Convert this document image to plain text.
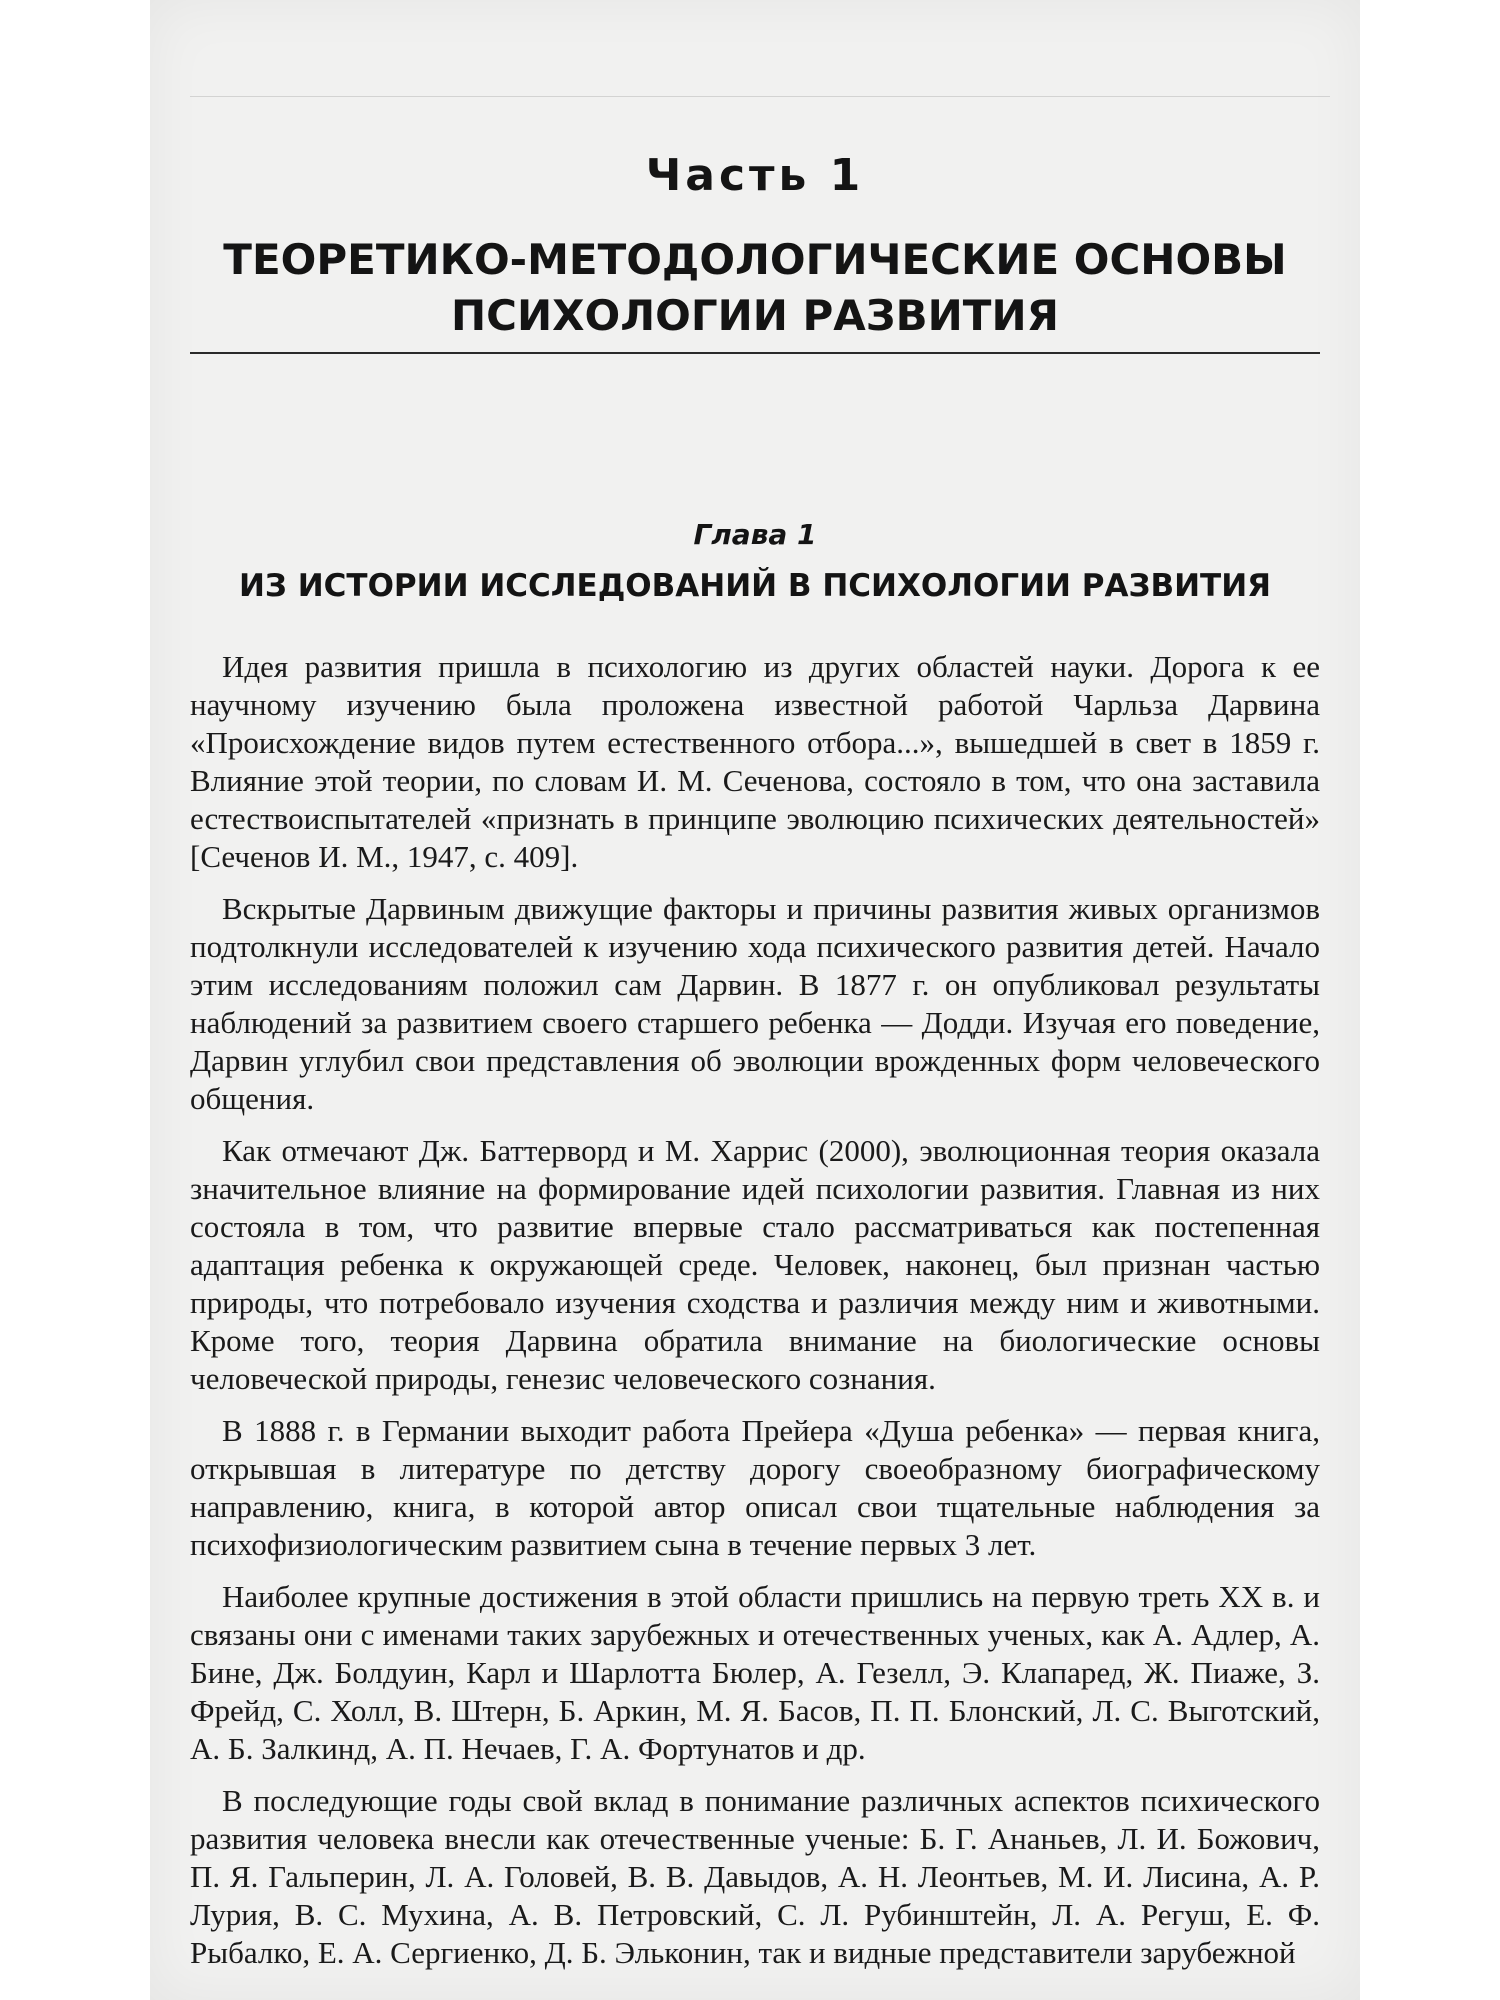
Часть 1
ТЕОРЕТИКО-МЕТОДОЛОГИЧЕСКИЕ ОСНОВЫ
ПСИХОЛОГИИ РАЗВИТИЯ
Глава 1
ИЗ ИСТОРИИ ИССЛЕДОВАНИЙ В ПСИХОЛОГИИ РАЗВИТИЯ

Идея развития пришла в психологию из других областей науки. Дорога к ее научному изучению была проложена известной работой Чарльза Дарвина «Происхождение видов путем естественного отбора...», вышедшей в свет в 1859 г. Влияние этой теории, по словам И. М. Сеченова, состояло в том, что она заставила естествоиспытателей «признать в принципе эволюцию психических деятельностей» [Сеченов И. М., 1947, с. 409].

Вскрытые Дарвиным движущие факторы и причины развития живых организмов подтолкнули исследователей к изучению хода психического развития детей. Начало этим исследованиям положил сам Дарвин. В 1877 г. он опубликовал результаты наблюдений за развитием своего старшего ребенка — Додди. Изучая его поведение, Дарвин углубил свои представления об эволюции врожденных форм человеческого общения.

Как отмечают Дж. Баттерворд и М. Харрис (2000), эволюционная теория оказала значительное влияние на формирование идей психологии развития. Главная из них состояла в том, что развитие впервые стало рассматриваться как постепенная адаптация ребенка к окружающей среде. Человек, наконец, был признан частью природы, что потребовало изучения сходства и различия между ним и животными. Кроме того, теория Дарвина обратила внимание на биологические основы человеческой природы, генезис человеческого сознания.

В 1888 г. в Германии выходит работа Прейера «Душа ребенка» — первая книга, открывшая в литературе по детству дорогу своеобразному биографическому направлению, книга, в которой автор описал свои тщательные наблюдения за психофизиологическим развитием сына в течение первых 3 лет.

Наиболее крупные достижения в этой области пришлись на первую треть XX в. и связаны они с именами таких зарубежных и отечественных ученых, как А. Адлер, А. Бине, Дж. Болдуин, Карл и Шарлотта Бюлер, А. Гезелл, Э. Клапаред, Ж. Пиаже, З. Фрейд, С. Холл, В. Штерн, Б. Аркин, М. Я. Басов, П. П. Блонский, Л. С. Выготский, А. Б. Залкинд, А. П. Нечаев, Г. А. Фортунатов и др.

В последующие годы свой вклад в понимание различных аспектов психического развития человека внесли как отечественные ученые: Б. Г. Ананьев, Л. И. Божович, П. Я. Гальперин, Л. А. Головей, В. В. Давыдов, А. Н. Леонтьев, М. И. Лисина, А. Р. Лурия, В. С. Мухина, А. В. Петровский, С. Л. Рубинштейн, Л. А. Регуш, Е. Ф. Рыбалко, Е. А. Сергиенко, Д. Б. Эльконин, так и видные представители зарубежной
